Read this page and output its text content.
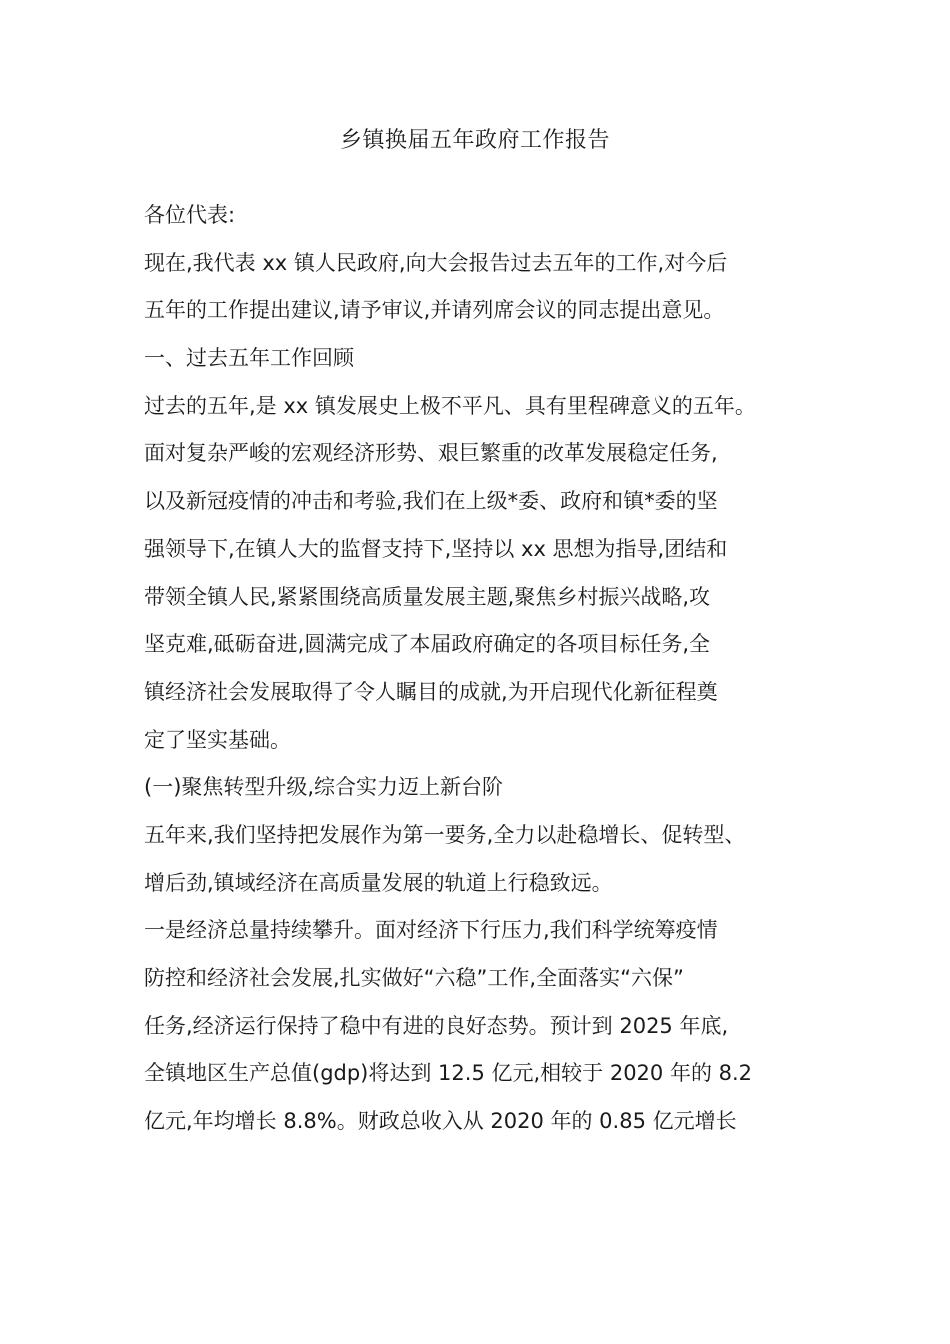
乡镇换届五年政府工作报告
各位代表:
现在,我代表 xx 镇人民政府,向大会报告过去五年的工作,对今后
五年的工作提出建议,请予审议,并请列席会议的同志提出意见。
一、过去五年工作回顾
过去的五年,是 xx 镇发展史上极不平凡、具有里程碑意义的五年。
面对复杂严峻的宏观经济形势、艰巨繁重的改革发展稳定任务,
以及新冠疫情的冲击和考验,我们在上级*委、政府和镇*委的坚
强领导下,在镇人大的监督支持下,坚持以 xx 思想为指导,团结和
带领全镇人民,紧紧围绕高质量发展主题,聚焦乡村振兴战略,攻
坚克难,砥砺奋进,圆满完成了本届政府确定的各项目标任务,全
镇经济社会发展取得了令人瞩目的成就,为开启现代化新征程奠
定了坚实基础。
(一)聚焦转型升级,综合实力迈上新台阶
五年来,我们坚持把发展作为第一要务,全力以赴稳增长、促转型、
增后劲,镇域经济在高质量发展的轨道上行稳致远。
一是经济总量持续攀升。面对经济下行压力,我们科学统筹疫情
防控和经济社会发展,扎实做好“六稳”工作,全面落实“六保”
任务,经济运行保持了稳中有进的良好态势。预计到 2025 年底,
全镇地区生产总值(gdp)将达到 12.5 亿元,相较于 2020 年的 8.2
亿元,年均增长 8.8%。财政总收入从 2020 年的 0.85 亿元增长
